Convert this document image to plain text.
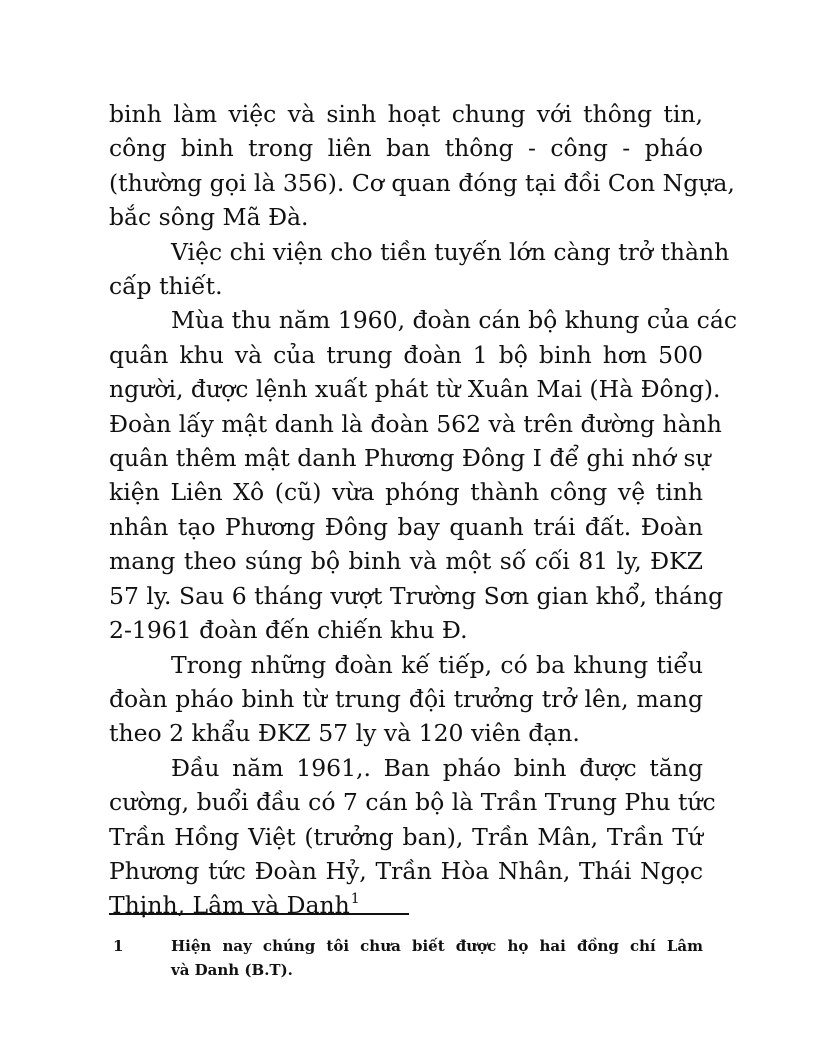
binh làm việc và sinh hoạt chung với thông tin,
công binh trong liên ban thông - công - pháo
(thường gọi là 356). Cơ quan đóng tại đồi Con Ngựa,
bắc sông Mã Đà.
Việc chi viện cho tiền tuyến lớn càng trở thành
cấp thiết.
Mùa thu năm 1960, đoàn cán bộ khung của các
quân khu và của trung đoàn 1 bộ binh hơn 500
người, được lệnh xuất phát từ Xuân Mai (Hà Đông).
Đoàn lấy mật danh là đoàn 562 và trên đường hành
quân thêm mật danh Phương Đông I để ghi nhớ sự
kiện Liên Xô (cũ) vừa phóng thành công vệ tinh
nhân tạo Phương Đông bay quanh trái đất. Đoàn
mang theo súng bộ binh và một số cối 81 ly, ĐKZ
57 ly. Sau 6 tháng vượt Trường Sơn gian khổ, tháng
2-1961 đoàn đến chiến khu Đ.
Trong những đoàn kế tiếp, có ba khung tiểu
đoàn pháo binh từ trung đội trưởng trở lên, mang
theo 2 khẩu ĐKZ 57 ly và 120 viên đạn.
Đầu năm 1961,. Ban pháo binh được tăng
cường, buổi đầu có 7 cán bộ là Trần Trung Phu tức
Trần Hồng Việt (trưởng ban), Trần Mân, Trần Tứ
Phương tức Đoàn Hỷ, Trần Hòa Nhân, Thái Ngọc
Thịnh, Lâm và Danh$^1$
1	Hiện nay chúng tôi chưa biết được họ hai đồng chí Lâm
và Danh (B.T).
